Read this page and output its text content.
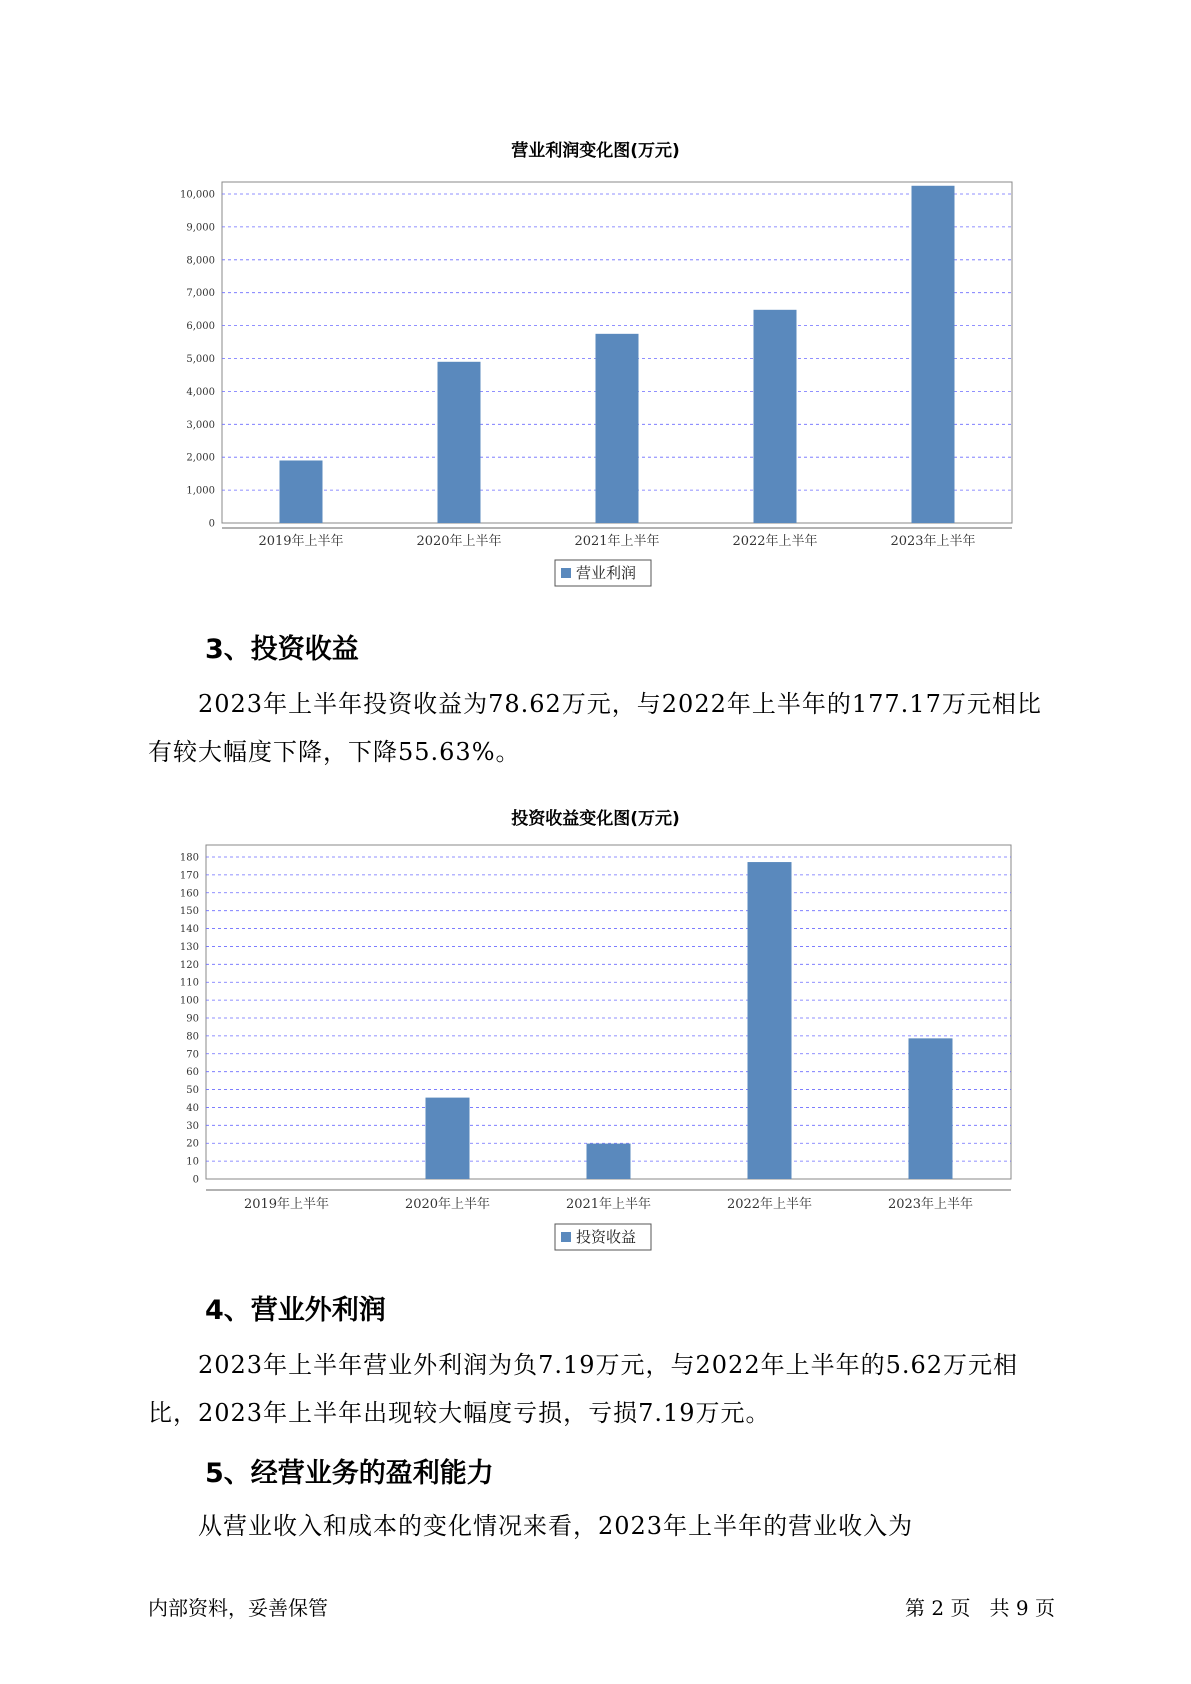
营业利润变化图(万元)
0
1,000
2,000
3,000
4,000
5,000
6,000
7,000
8,000
9,000
10,000
2019年上半年	2020年上半年	2021年上半年	2022年上半年	2023年上半年
营业利润
3、投资收益

2023年上半年投资收益为78.62万元，与2022年上半年的177.17万元相比有较大幅度下降，下降55.63%。

投资收益变化图(万元)
0
10
20
30
40
50
60
70
80
90
100
110
120
130
140
150
160
170
180
2019年上半年	2020年上半年	2021年上半年	2022年上半年	2023年上半年
投资收益
4、营业外利润

2023年上半年营业外利润为负7.19万元，与2022年上半年的5.62万元相比，2023年上半年出现较大幅度亏损，亏损7.19万元。

5、经营业务的盈利能力

从营业收入和成本的变化情况来看，2023年上半年的营业收入为

内部资料，妥善保管	第 2 页   共 9 页
